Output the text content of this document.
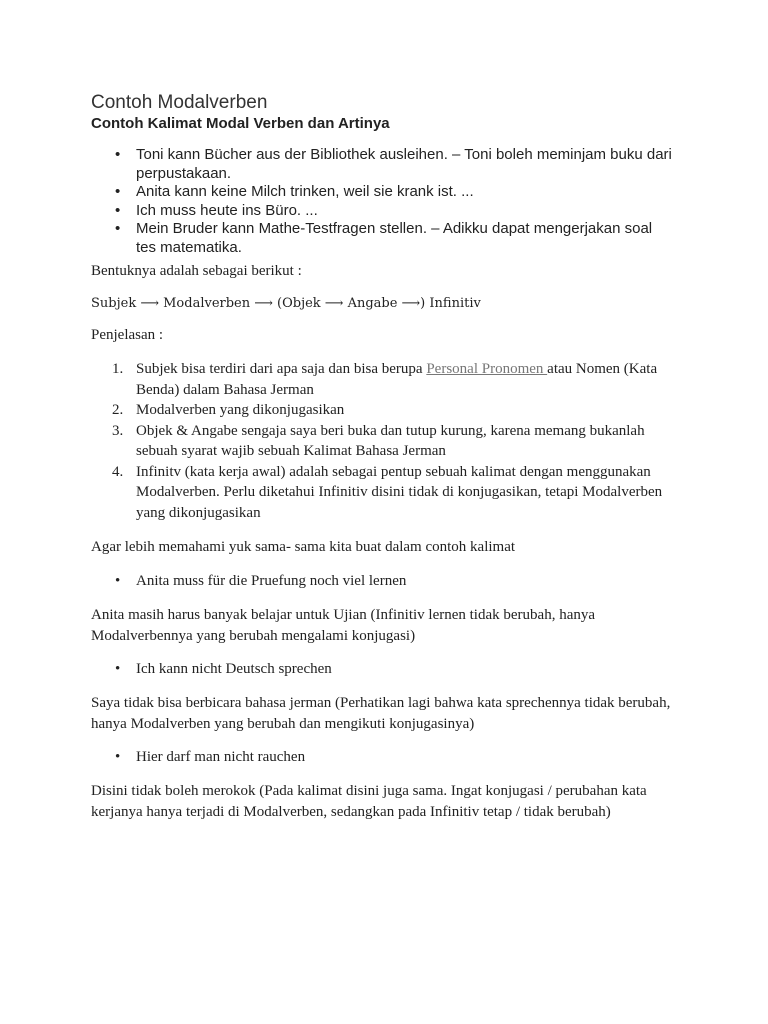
Contoh Modalverben
Contoh Kalimat Modal Verben dan Artinya
• Toni kann Bücher aus der Bibliothek ausleihen. – Toni boleh meminjam buku dari
perpustakaan.
• Anita kann keine Milch trinken, weil sie krank ist. ...
• Ich muss heute ins Büro. ...
• Mein Bruder kann Mathe-Testfragen stellen. – Adikku dapat mengerjakan soal
tes matematika.

Bentuknya adalah sebagai berikut :

Subjek ⟶ Modalverben ⟶ (Objek ⟶ Angabe ⟶) Infinitiv

Penjelasan :

1. Subjek bisa terdiri dari apa saja dan bisa berupa Personal Pronomen atau Nomen (Kata
Benda) dalam Bahasa Jerman
2. Modalverben yang dikonjugasikan
3. Objek & Angabe sengaja saya beri buka dan tutup kurung, karena memang bukanlah
sebuah syarat wajib sebuah Kalimat Bahasa Jerman
4. Infinitv (kata kerja awal) adalah sebagai pentup sebuah kalimat dengan menggunakan
Modalverben. Perlu diketahui Infinitiv disini tidak di konjugasikan, tetapi Modalverben
yang dikonjugasikan

Agar lebih memahami yuk sama- sama kita buat dalam contoh kalimat

• Anita muss für die Pruefung noch viel lernen

Anita masih harus banyak belajar untuk Ujian (Infinitiv lernen tidak berubah, hanya
Modalverbennya yang berubah mengalami konjugasi)

• Ich kann nicht Deutsch sprechen

Saya tidak bisa berbicara bahasa jerman (Perhatikan lagi bahwa kata sprechennya tidak berubah,
hanya Modalverben yang berubah dan mengikuti konjugasinya)

• Hier darf man nicht rauchen

Disini tidak boleh merokok (Pada kalimat disini juga sama. Ingat konjugasi / perubahan kata
kerjanya hanya terjadi di Modalverben, sedangkan pada Infinitiv tetap / tidak berubah)
